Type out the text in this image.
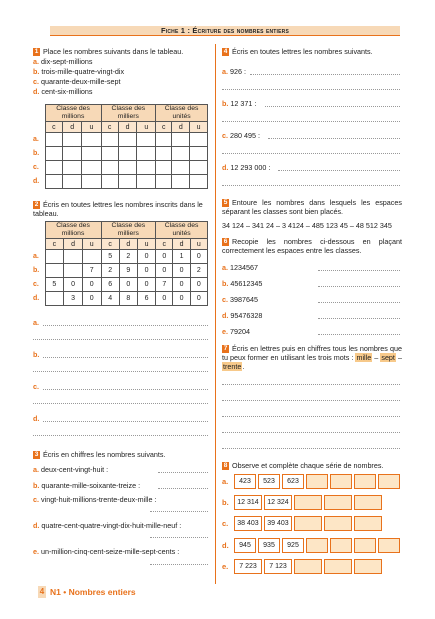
Fiche 1 : Écriture des nombres entiers
1 Place les nombres suivants dans le tableau.
a. dix-sept-millions
b. trois-mille-quatre-vingt-dix
c. quarante-deux-mille-sept
d. cent-six-millions
	Classe des millions			Classe des milliers			Classe des unités		
	c	d	u	c	d	u	c	d	u
a.									
b.									
c.									
d.									
2 Écris en toutes lettres les nombres inscrits dans le tableau.
	Classe des millions			Classe des milliers			Classe des unités		
	c	d	u	c	d	u	c	d	u
a.				5	2	0	0	1	0
b.			7	2	9	0	0	0	2
c.	5	0	0	6	0	0	7	0	0
d.		3	0	4	8	6	0	0	0
a.
b.
c.
d.
3 Écris en chiffres les nombres suivants.
a. deux-cent-vingt-huit :
b. quarante-mille-soixante-treize :
c. vingt-huit-millions-trente-deux-mille :
d. quatre-cent-quatre-vingt-dix-huit-mille-neuf :
e. un-million-cinq-cent-seize-mille-sept-cents :
4 Écris en toutes lettres les nombres suivants.
a. 926 :
b. 12 371 :
c. 280 495 :
d. 12 293 000 :
5 Entoure les nombres dans lesquels les espaces séparant les classes sont bien placés.
34 124 – 341 24 – 3 4124 – 485 123 45 – 48 512 345
6 Recopie les nombres ci-dessous en plaçant correctement les espaces entre les classes.
a. 1234567
b. 45612345
c. 3987645
d. 95476328
e. 79204
7 Écris en lettres puis en chiffres tous les nombres que tu peux former en utilisant les trois mots : mille – sept – trente.
8 Observe et complète chaque série de nombres.
a.	423	523	623
b.	12 314	12 324
c.	38 403	39 403
d.	945	935	925
e.	7 223	7 123
4 N1 • Nombres entiers
